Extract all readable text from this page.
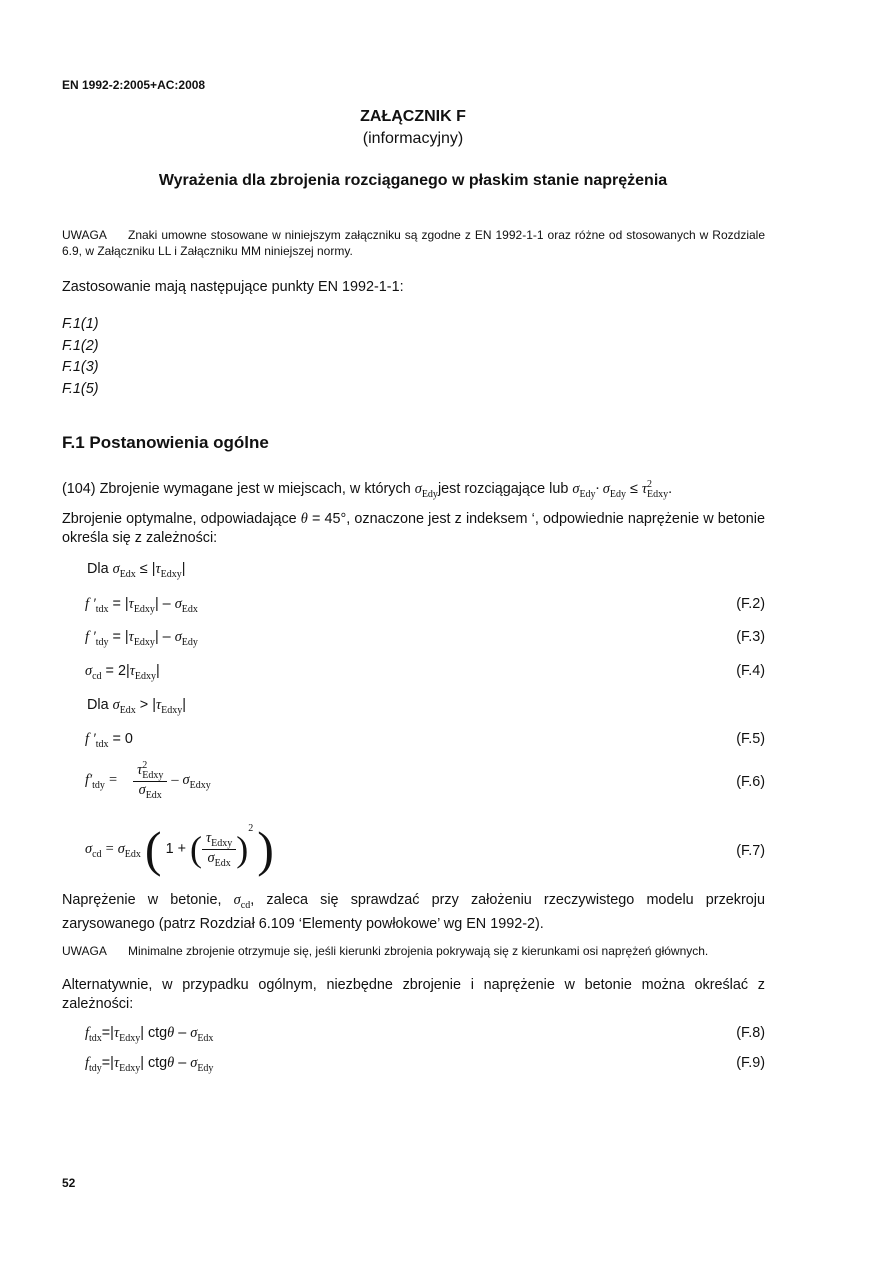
EN 1992-2:2005+AC:2008
ZAŁĄCZNIK F
(informacyjny)
Wyrażenia dla zbrojenia rozciąganego w płaskim stanie naprężenia
UWAGA Znaki umowne stosowane w niniejszym załączniku są zgodne z EN 1992-1-1 oraz różne od stosowanych w Rozdziale 6.9, w Załączniku LL i Załączniku MM niniejszej normy.
Zastosowanie mają następujące punkty EN 1992-1-1:
F.1(1)
F.1(2)
F.1(3)
F.1(5)
F.1 Postanowienia ogólne
(104) Zbrojenie wymagane jest w miejscach, w których $\sigma_{Edy}jest$ rozciągające lub $\sigma_{Edy}\cdot \sigma_{Edy} \le \tau^2_{Edxy}$.
Zbrojenie optymalne, odpowiadające θ = 45°, oznaczone jest z indeksem ‘, odpowiednie naprężenie w betonie określa się z zależności:
Dla $\sigma_{Edx} \le |\tau_{Edxy}|$
f $'_{tdx} = |\tau_{Edxy}| - \sigma_{Edx}$	(F.2)
f $'_{tdy} = |\tau_{Edxy}| - \sigma_{Edy}$	(F.3)
$\sigma_{cd} = 2|\tau_{Edxy}|$	(F.4)
Dla $\sigma_{Edx} > |\tau_{Edxy}|$
f $'_{tdx} = 0$	(F.5)
$f'_{tdy} = \frac{\tau^2_{Edxy}}{\sigma_{Edx}} - \sigma_{Edxy}$	(F.6)
$\sigma_{cd} = \sigma_{Edx}$ ( 1 + ( $\frac{\tau_{Edxy}}{\sigma_{Edx}} )^2$ )	(F.7)
Naprężenie w betonie, $\sigma_{cd}$, zaleca się sprawdzać przy założeniu rzeczywistego modelu przekroju zarysowanego (patrz Rozdział 6.109 ‘Elementy powłokowe’ wg EN 1992-2).
UWAGA Minimalne zbrojenie otrzymuje się, jeśli kierunki zbrojenia pokrywają się z kierunkami osi naprężeń głównych.
Alternatywnie, w przypadku ogólnym, niezbędne zbrojenie i naprężenie w betonie można określać z zależności:
$f_{tdx}=|\tau_{Edxy}|$ ctgθ – $\sigma_{Edx}$	(F.8)
$f_{tdy}=|\tau_{Edxy}|$ ctgθ – $\sigma_{Edy}$	(F.9)
52
